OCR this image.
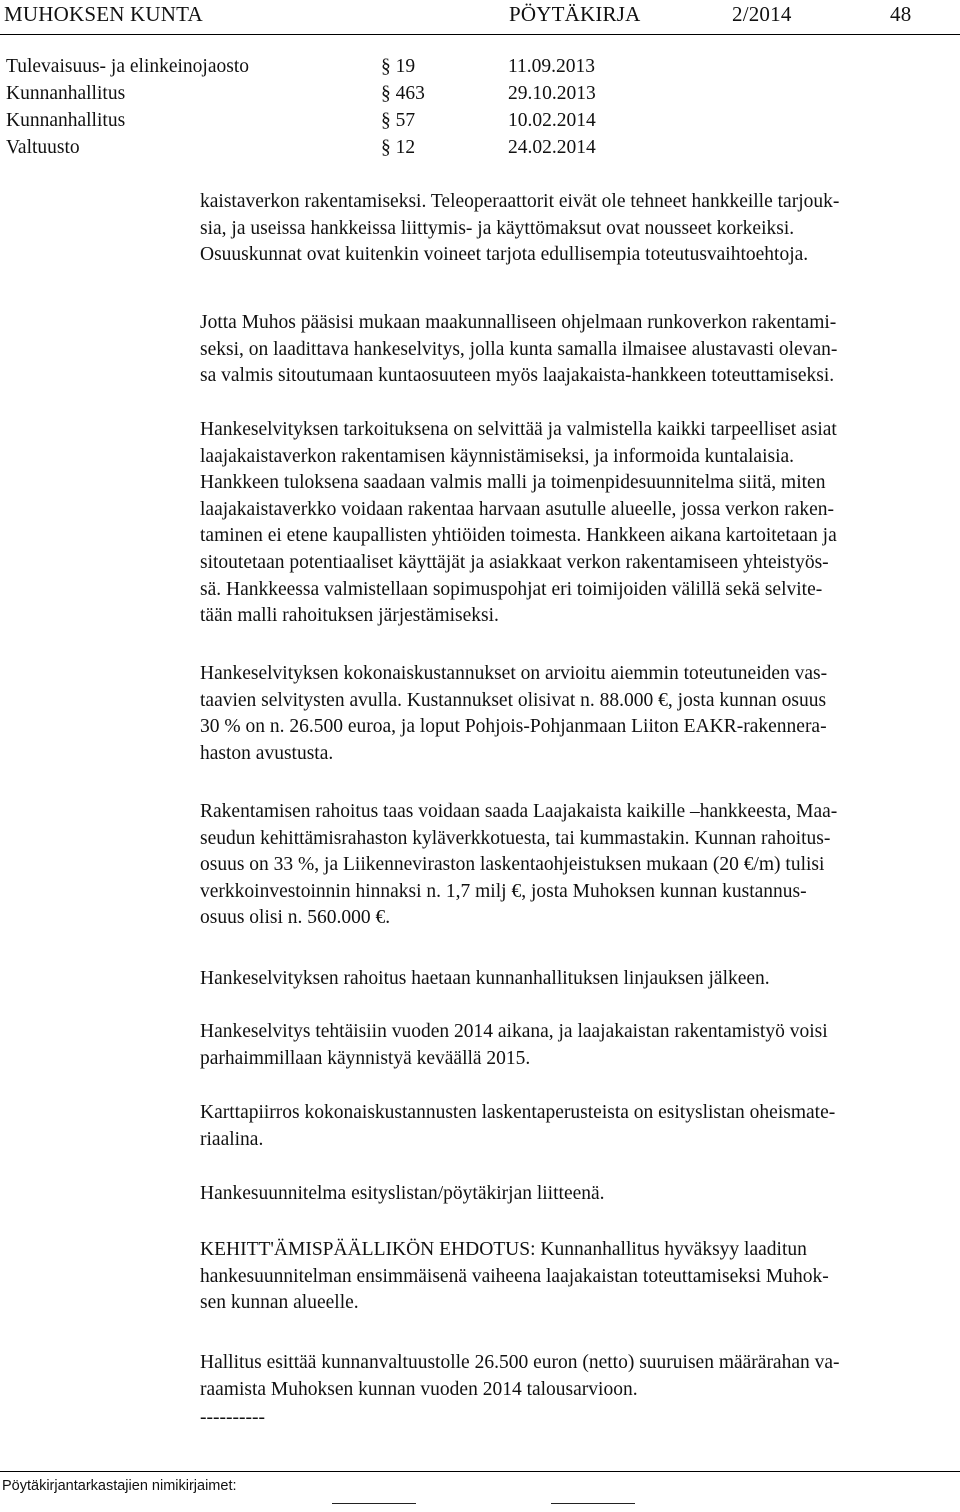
MUHOKSEN KUNTA	PÖYTÄKIRJA	2/2014	48
Tulevaisuus- ja elinkeinojaosto	§ 19	11.09.2013
Kunnanhallitus	§ 463	29.10.2013
Kunnanhallitus	§ 57	10.02.2014
Valtuusto	§ 12	24.02.2014

kaistaverkon rakentamiseksi. Teleoperaattorit eivät ole tehneet hankkeille tarjouk-
sia, ja useissa hankkeissa liittymis- ja käyttömaksut ovat nousseet korkeiksi.
Osuuskunnat ovat kuitenkin voineet tarjota edullisempia toteutusvaihtoehtoja.

Jotta Muhos pääsisi mukaan maakunnalliseen ohjelmaan runkoverkon rakentami-
seksi, on laadittava hankeselvitys, jolla kunta samalla ilmaisee alustavasti olevan-
sa valmis sitoutumaan kuntaosuuteen myös laajakaista-hankkeen toteuttamiseksi.

Hankeselvityksen tarkoituksena on selvittää ja valmistella kaikki tarpeelliset asiat
laajakaistaverkon rakentamisen käynnistämiseksi, ja informoida kuntalaisia.
Hankkeen tuloksena saadaan valmis malli ja toimenpidesuunnitelma siitä, miten
laajakaistaverkko voidaan rakentaa harvaan asutulle alueelle, jossa verkon raken-
taminen ei etene kaupallisten yhtiöiden toimesta. Hankkeen aikana kartoitetaan ja
sitoutetaan potentiaaliset käyttäjät ja asiakkaat verkon rakentamiseen yhteistyös-
sä. Hankkeessa valmistellaan sopimuspohjat eri toimijoiden välillä sekä selvite-
tään malli rahoituksen järjestämiseksi.

Hankeselvityksen kokonaiskustannukset on arvioitu aiemmin toteutuneiden vas-
taavien selvitysten avulla. Kustannukset olisivat n. 88.000 €, josta kunnan osuus
30 % on n. 26.500 euroa, ja loput Pohjois-Pohjanmaan Liiton EAKR-rakennera-
haston avustusta.

Rakentamisen rahoitus taas voidaan saada Laajakaista kaikille –hankkeesta, Maa-
seudun kehittämisrahaston kyläverkkotuesta, tai kummastakin. Kunnan rahoitus-
osuus on 33 %, ja Liikenneviraston laskentaohjeistuksen mukaan (20 €/m) tulisi
verkkoinvestoinnin hinnaksi n. 1,7 milj €, josta Muhoksen kunnan kustannus-
osuus olisi n. 560.000 €.

Hankeselvityksen rahoitus haetaan kunnanhallituksen linjauksen jälkeen.

Hankeselvitys tehtäisiin vuoden 2014 aikana, ja laajakaistan rakentamistyö voisi
parhaimmillaan käynnistyä keväällä 2015.

Karttapiirros kokonaiskustannusten laskentaperusteista on esityslistan oheismate-
riaalina.

Hankesuunnitelma esityslistan/pöytäkirjan liitteenä.

KEHITT'ÄMISPÄÄLLIKÖN EHDOTUS: Kunnanhallitus hyväksyy laaditun
hankesuunnitelman ensimmäisenä vaiheena laajakaistan toteuttamiseksi Muhok-
sen kunnan alueelle.

Hallitus esittää kunnanvaltuustolle 26.500 euron (netto) suuruisen määrärahan va-
raamista Muhoksen kunnan vuoden 2014 talousarvioon.

----------
Pöytäkirjantarkastajien nimikirjaimet:
